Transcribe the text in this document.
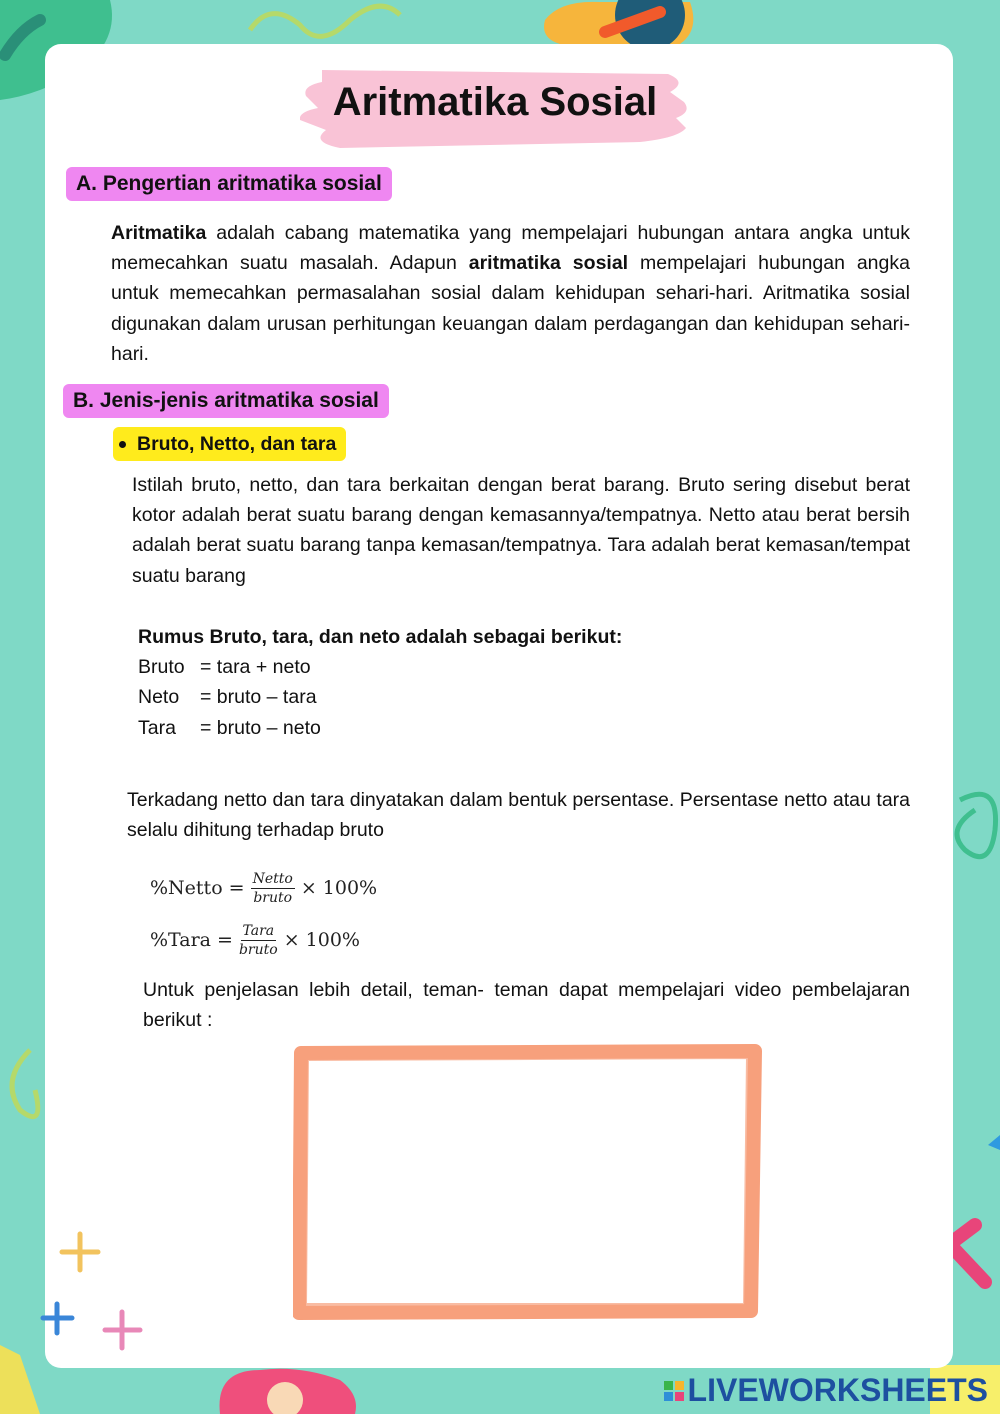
Aritmatika Sosial
A. Pengertian aritmatika sosial

Aritmatika adalah cabang matematika yang mempelajari hubungan antara angka untuk memecahkan suatu masalah. Adapun aritmatika sosial mempelajari hubungan angka untuk memecahkan permasalahan sosial dalam kehidupan sehari-hari. Aritmatika sosial digunakan dalam urusan perhitungan keuangan dalam perdagangan dan kehidupan sehari-hari.

B. Jenis-jenis aritmatika sosial
Bruto, Netto, dan tara

Istilah bruto, netto, dan tara berkaitan dengan berat barang. Bruto sering disebut berat kotor adalah berat suatu barang dengan kemasannya/tempatnya. Netto atau berat bersih adalah berat suatu barang tanpa kemasan/tempatnya. Tara adalah berat kemasan/tempat suatu barang

Rumus Bruto, tara, dan neto adalah sebagai berikut:
Bruto = tara + neto
Neto	= bruto – tara
Tara	= bruto – neto

Terkadang netto dan tara dinyatakan dalam bentuk persentase. Persentase netto atau tara selalu dihitung terhadap bruto

%Netto = $\frac{\text{Netto}}{\text{bruto}} \times 100\%$
%Tara = $\frac{\text{Tara}}{\text{bruto}} \times 100\%$

Untuk penjelasan lebih detail, teman- teman dapat mempelajari video pembelajaran berikut :

LIVEWORKSHEETS
